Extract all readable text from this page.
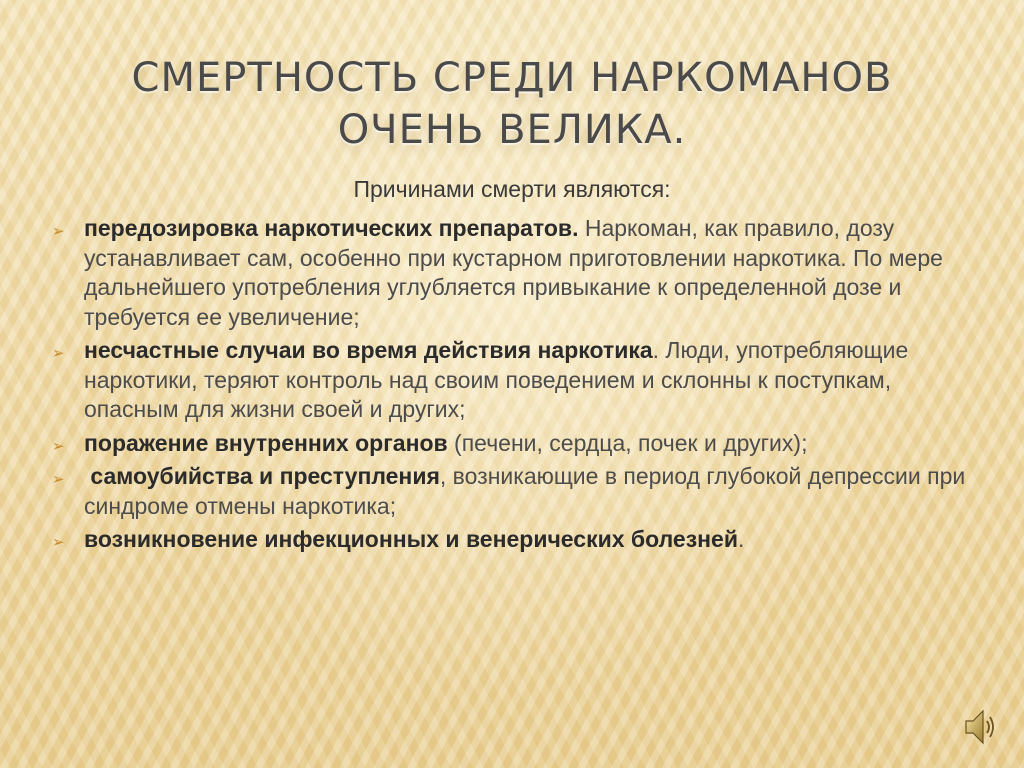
СМЕРТНОСТЬ СРЕДИ НАРКОМАНОВ
ОЧЕНЬ ВЕЛИКА.
Причинами смерти являются:
➢ передозировка наркотических препаратов. Наркоман, как правило, дозу устанавливает сам, особенно при кустарном приготовлении наркотика. По мере дальнейшего употребления углубляется привыкание к определенной дозе и требуется ее увеличение;
➢ несчастные случаи во время действия наркотика. Люди, употребляющие наркотики, теряют контроль над своим поведением и склонны к поступкам, опасным для жизни своей и других;
➢ поражение внутренних органов (печени, сердца, почек и других);
➢ самоубийства и преступления, возникающие в период глубокой депрессии при синдроме отмены наркотика;
➢ возникновение инфекционных и венерических болезней.
